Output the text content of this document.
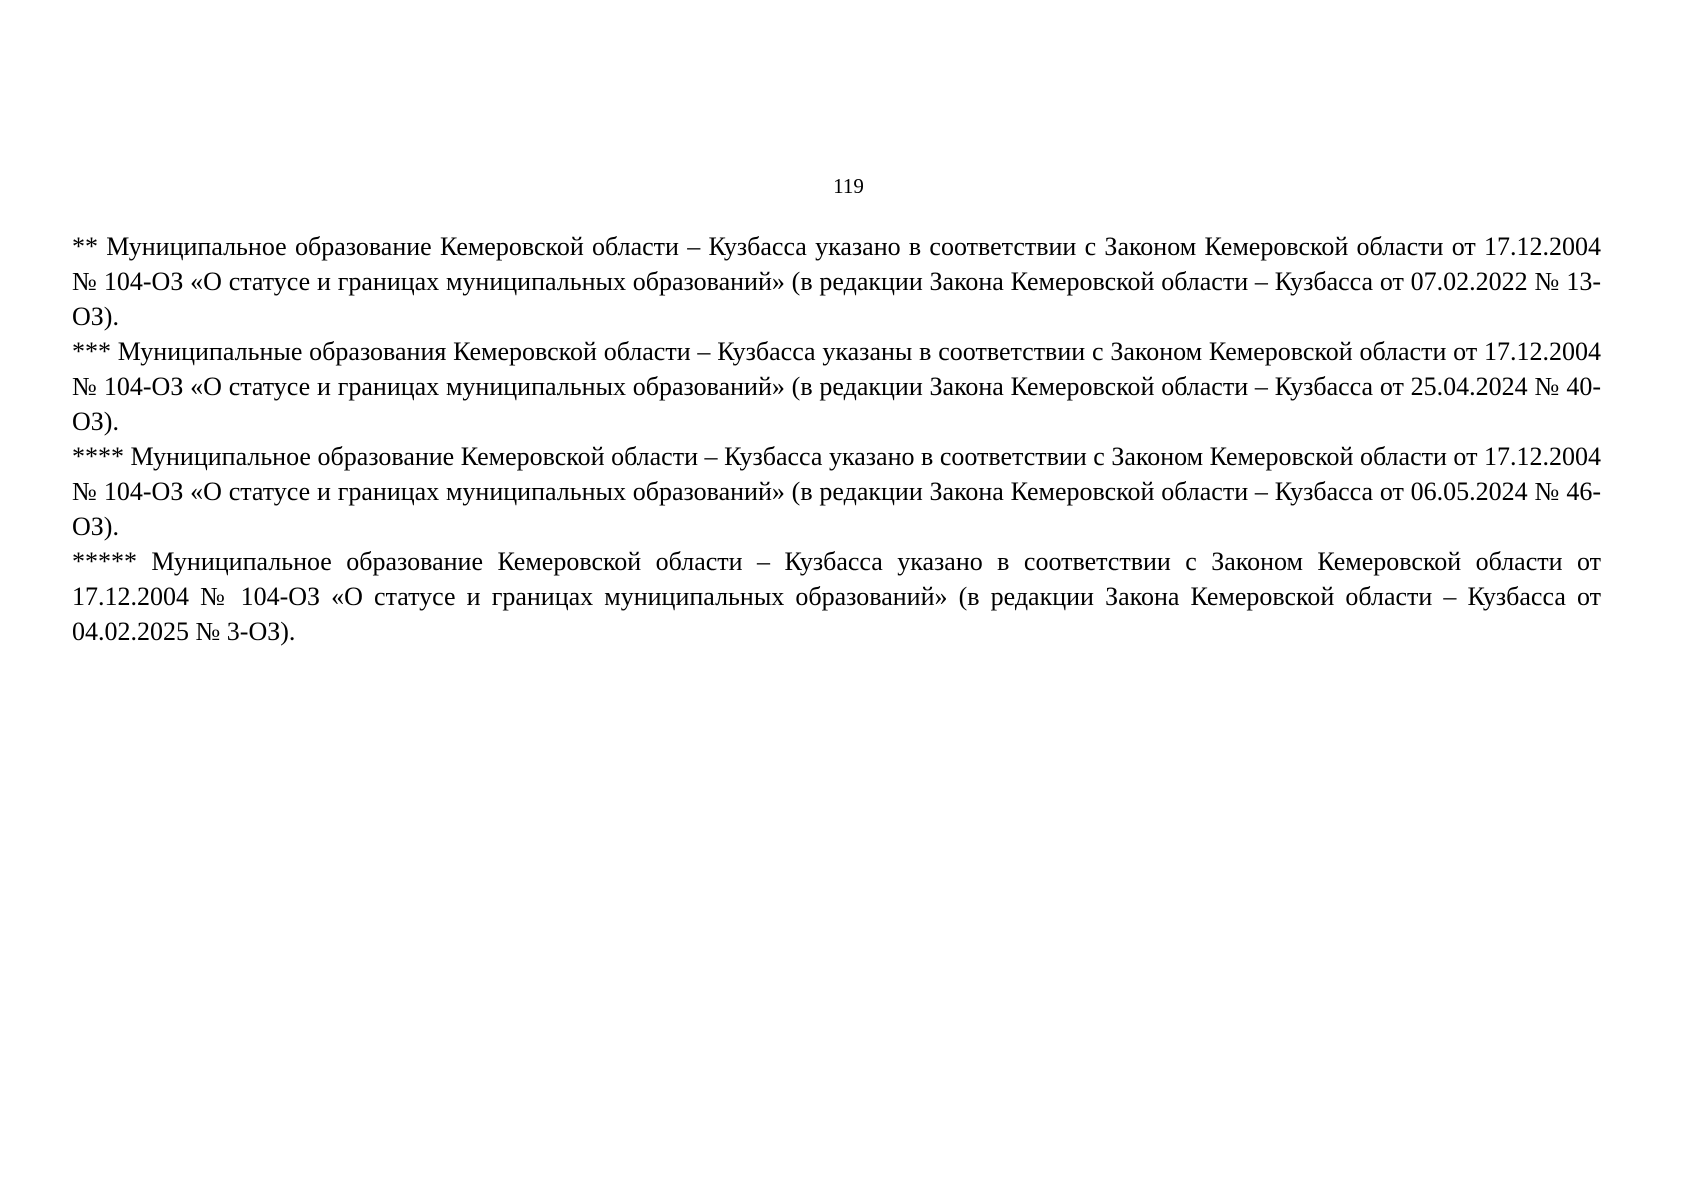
119

** Муниципальное образование Кемеровской области – Кузбасса указано в соответствии с Законом Кемеровской области от 17.12.2004 № 104-ОЗ «О статусе и границах муниципальных образований» (в редакции Закона Кемеровской области – Кузбасса от 07.02.2022 № 13-ОЗ).

*** Муниципальные образования Кемеровской области – Кузбасса указаны в соответствии с Законом Кемеровской области от 17.12.2004 № 104-ОЗ «О статусе и границах муниципальных образований» (в редакции Закона Кемеровской области – Кузбасса от 25.04.2024 № 40-ОЗ).

**** Муниципальное образование Кемеровской области – Кузбасса указано в соответствии с Законом Кемеровской области от 17.12.2004 № 104-ОЗ «О статусе и границах муниципальных образований» (в редакции Закона Кемеровской области – Кузбасса от 06.05.2024 № 46-ОЗ).

***** Муниципальное образование Кемеровской области – Кузбасса указано в соответствии с Законом Кемеровской области от 17.12.2004 № 104-ОЗ «О статусе и границах муниципальных образований» (в редакции Закона Кемеровской области – Кузбасса от 04.02.2025 № 3-ОЗ).
